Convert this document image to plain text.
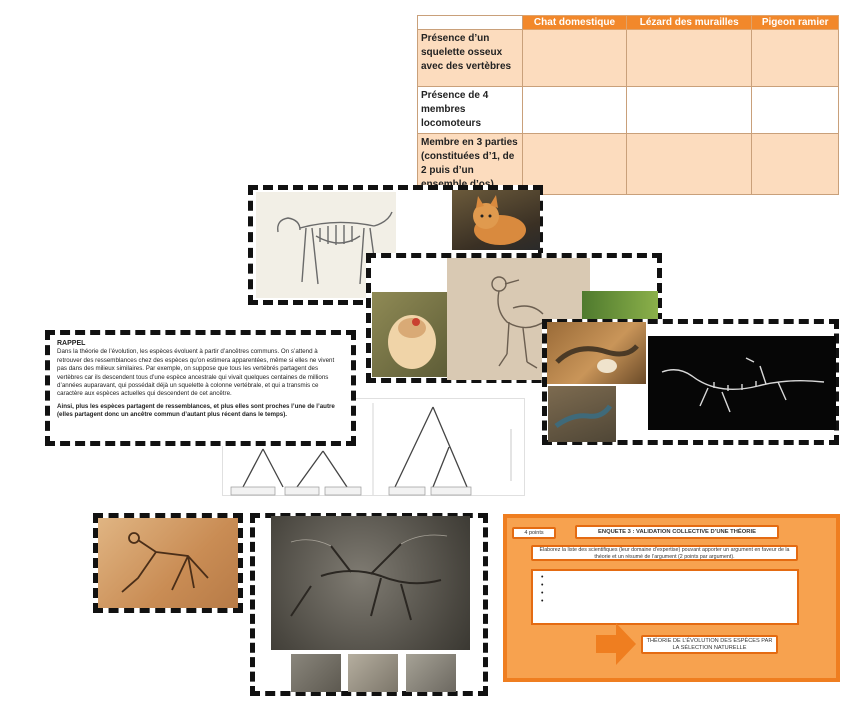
	Chat domestique	Lézard des murailles	Pigeon ramier
Présence d’un squelette osseux avec des vertèbres			
Présence de 4 membres locomoteurs			
Membre en 3 parties (constituées d’1, de 2 puis d’un			
RAPPEL
Dans la théorie de l’évolution, les espèces évoluent à partir d’ancêtres communs. On s’attend à retrouver des ressemblances chez des espèces qu’on estimera apparentées, même si elles ne vivent pas dans des milieux similaires. Par exemple, on suppose que tous les vertébrés partagent des vertèbres car ils descendent tous d’une espèce ancestrale qui vivait quelques centaines de millions d’années auparavant, qui possédait déjà un squelette à colonne vertébrale, et qui a transmis ce caractère aux espèces actuelles qui descendent de cet ancêtre.
Ainsi, plus les espèces partagent de ressemblances, et plus elles sont proches l’une de l’autre (elles partagent donc un ancêtre commun d’autant plus récent dans le temps).
4 points	ENQUETE 3 : VALIDATION COLLECTIVE D’UNE THÉORIE
Elaborez la liste des scientifiques (leur domaine d’expertise) pouvant apporter un argument en faveur de la théorie et un résumé de l’argument (2 points par argument).
•
•
•
•
THÉORIE DE L’ÉVOLUTION DES ESPÈCES PAR LA SÉLECTION NATURELLE
